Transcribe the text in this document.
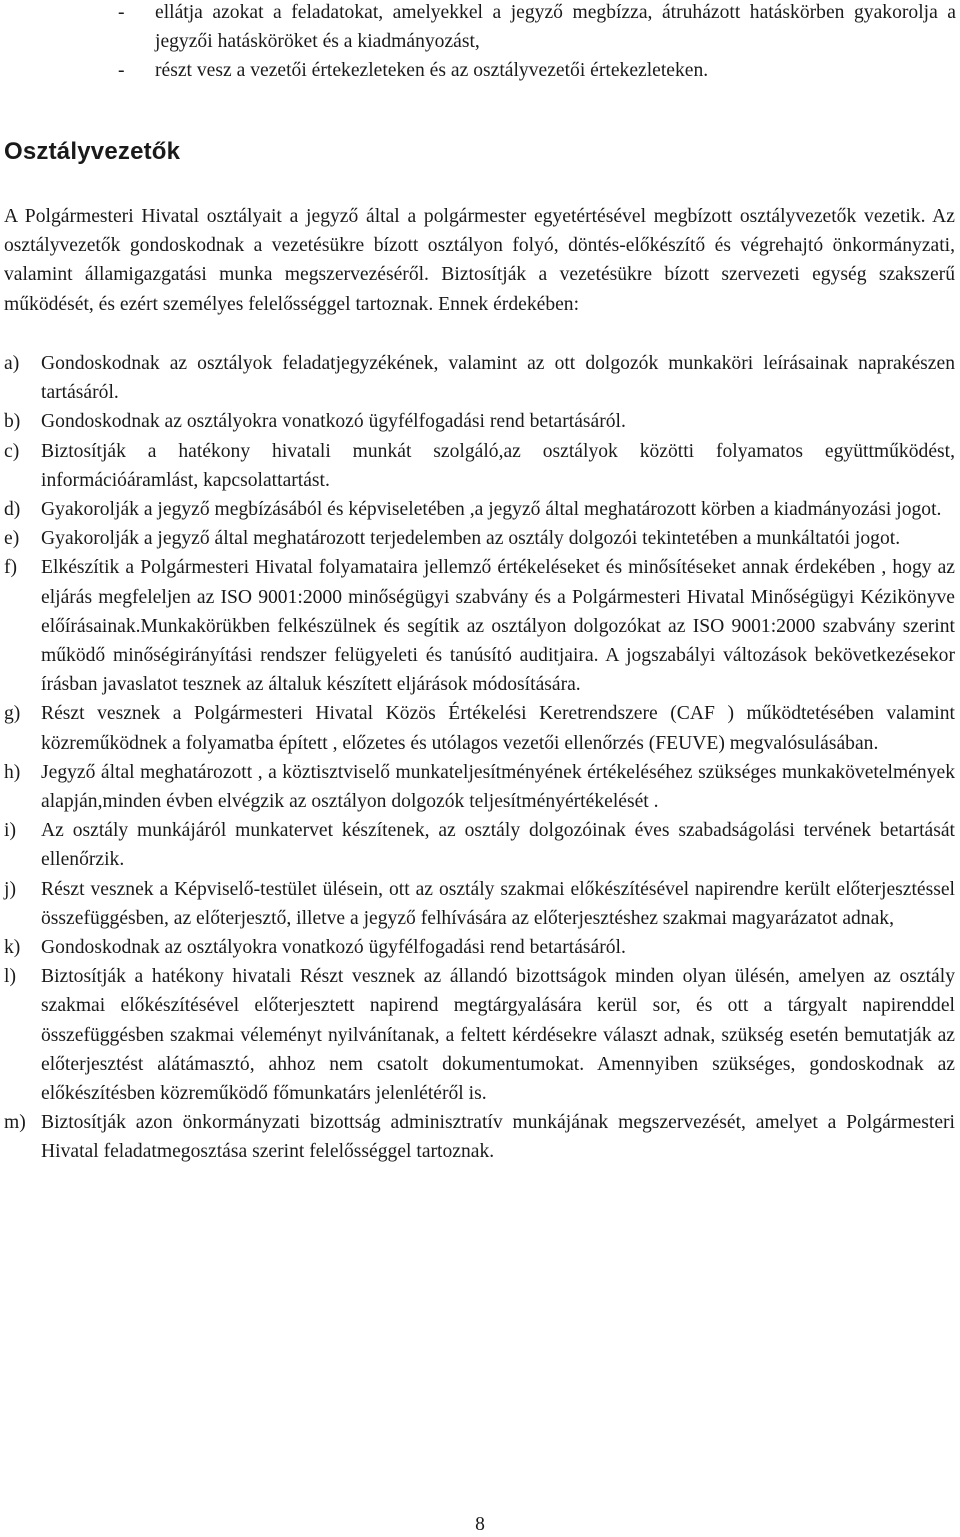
- ellátja azokat a feladatokat, amelyekkel a jegyző megbízza, átruházott hatáskörben gyakorolja a jegyzői hatásköröket és a kiadmányozást,
- részt vesz a vezetői értekezleteken és az osztályvezetői értekezleteken.
Osztályvezetők

A Polgármesteri Hivatal osztályait a jegyző által a polgármester egyetértésével megbízott osztályvezetők vezetik. Az osztályvezetők gondoskodnak a vezetésükre bízott osztályon folyó, döntés-előkészítő és végrehajtó önkormányzati, valamint államigazgatási munka megszervezéséről. Biztosítják a vezetésükre bízott szervezeti egység szakszerű működését, és ezért személyes felelősséggel tartoznak. Ennek érdekében:

a) Gondoskodnak az osztályok feladatjegyzékének, valamint az ott dolgozók munkaköri leírásainak naprakészen tartásáról.
b) Gondoskodnak az osztályokra vonatkozó ügyfélfogadási rend betartásáról.
c) Biztosítják a hatékony hivatali munkát szolgáló,az osztályok közötti folyamatos együttműködést, információáramlást, kapcsolattartást.
d) Gyakorolják a jegyző megbízásából és képviseletében ,a jegyző által meghatározott körben a kiadmányozási jogot.
e) Gyakorolják a jegyző által meghatározott terjedelemben az osztály dolgozói tekintetében a munkáltatói jogot.
f) Elkészítik a Polgármesteri Hivatal folyamataira jellemző értékeléseket és minősítéseket annak érdekében , hogy az eljárás megfeleljen az ISO 9001:2000 minőségügyi szabvány és a Polgármesteri Hivatal Minőségügyi Kézikönyve előírásainak.Munkakörükben felkészülnek és segítik az osztályon dolgozókat az ISO 9001:2000 szabvány szerint működő minőségirányítási rendszer felügyeleti és tanúsító auditjaira. A jogszabályi változások bekövetkezésekor írásban javaslatot tesznek az általuk készített eljárások módosítására.
g) Részt vesznek a Polgármesteri Hivatal Közös Értékelési Keretrendszere (CAF ) működtetésében valamint közreműködnek a folyamatba épített , előzetes és utólagos vezetői ellenőrzés (FEUVE) megvalósulásában.
h) Jegyző által meghatározott , a köztisztviselő munkateljesítményének értékeléséhez szükséges munkakövetelmények alapján,minden évben elvégzik az osztályon dolgozók teljesítményértékelését .
i) Az osztály munkájáról munkatervet készítenek, az osztály dolgozóinak éves szabadságolási tervének betartását ellenőrzik.
j) Részt vesznek a Képviselő-testület ülésein, ott az osztály szakmai előkészítésével napirendre került előterjesztéssel összefüggésben, az előterjesztő, illetve a jegyző felhívására az előterjesztéshez szakmai magyarázatot adnak,
k) Gondoskodnak az osztályokra vonatkozó ügyfélfogadási rend betartásáról.
l) Biztosítják a hatékony hivatali Részt vesznek az állandó bizottságok minden olyan ülésén, amelyen az osztály szakmai előkészítésével előterjesztett napirend megtárgyalására kerül sor, és ott a tárgyalt napirenddel összefüggésben szakmai véleményt nyilvánítanak, a feltett kérdésekre választ adnak, szükség esetén bemutatják az előterjesztést alátámasztó, ahhoz nem csatolt dokumentumokat. Amennyiben szükséges, gondoskodnak az előkészítésben közreműködő főmunkatárs jelenlétéről is.
m) Biztosítják azon önkormányzati bizottság adminisztratív munkájának megszervezését, amelyet a Polgármesteri Hivatal feladatmegosztása szerint felelősséggel tartoznak.
8
